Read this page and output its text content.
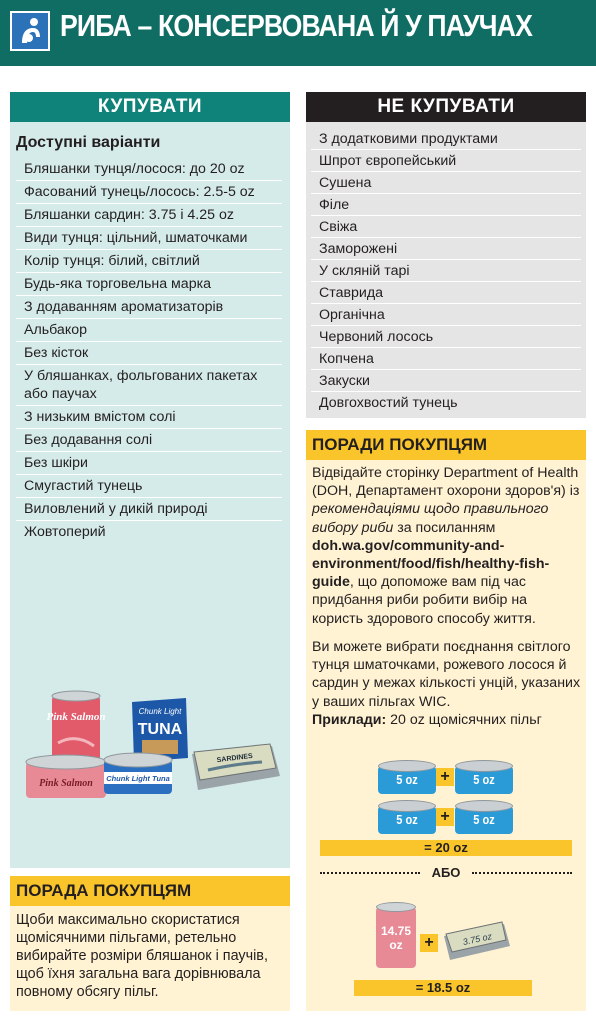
РИБА – КОНСЕРВОВАНА Й У ПАУЧАХ
КУПУВАТИ
Доступні варіанти
Бляшанки тунця/лосося: до 20 oz
Фасований тунець/лосось: 2.5-5 oz
Бляшанки сардин: 3.75 і 4.25 oz
Види тунця: цільний, шматочками
Колір тунця: білий, світлий
Будь-яка торговельна марка
З додаванням ароматизаторів
Альбакор
Без кісток
У бляшанках, фольгованих пакетах або паучах
З низьким вмістом солі
Без додавання солі
Без шкіри
Смугастий тунець
Виловлений у дикій природі
Жовтоперий
Pink Salmon
Pink Salmon
Chunk Light
TUNA
Chunk Light Tuna
SARDINES
ПОРАДА ПОКУПЦЯМ
Щоби максимально скористатися щомісячними пільгами, ретельно вибирайте розміри бляшанок і паучів, щоб їхня загальна вага дорівнювала повному обсягу пільг.
НЕ КУПУВАТИ
З додатковими продуктами
Шпрот європейський
Сушена
Філе
Свіжа
Заморожені
У скляній тарі
Ставрида
Органічна
Червоний лосось
Копчена
Закуски
Довгохвостий тунець
ПОРАДИ ПОКУПЦЯМ
Відвідайте сторінку Department of Health (DOH, Департамент охорони здоров'я) із рекомендаціями щодо правильного вибору риби за посиланням doh.wa.gov/community-and-environment/food/fish/healthy-fish-guide, що допоможе вам під час придбання риби робити вибір на користь здорового способу життя.
Ви можете вибрати поєднання світлого тунця шматочками, рожевого лосося й сардин у межах кількості унцій, указаних у ваших пільгах WIC.
Приклади: 20 oz щомісячних пільг
5 oz	+	5 oz
5 oz	+	5 oz
= 20 oz
АБО
14.75 oz	+	3.75 oz
= 18.5 oz
